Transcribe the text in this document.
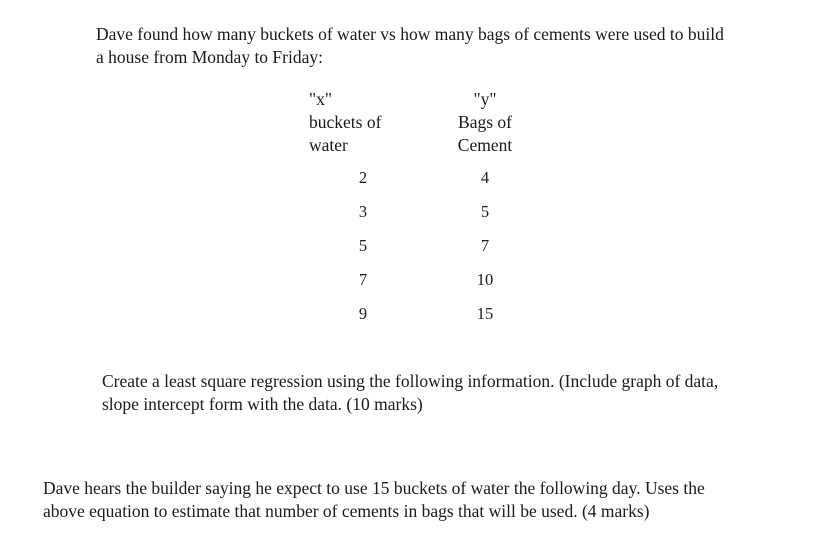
Dave found how many buckets of water vs how many bags of cements were used to build
a house from Monday to Friday:
"x"
buckets of
water
"y"
Bags of
Cement
2
3
5
7
9
4
5
7
10
15
Create a least square regression using the following information. (Include graph of data,
slope intercept form with the data. (10 marks)
Dave hears the builder saying he expect to use 15 buckets of water the following day. Uses the
above equation to estimate that number of cements in bags that will be used. (4 marks)
